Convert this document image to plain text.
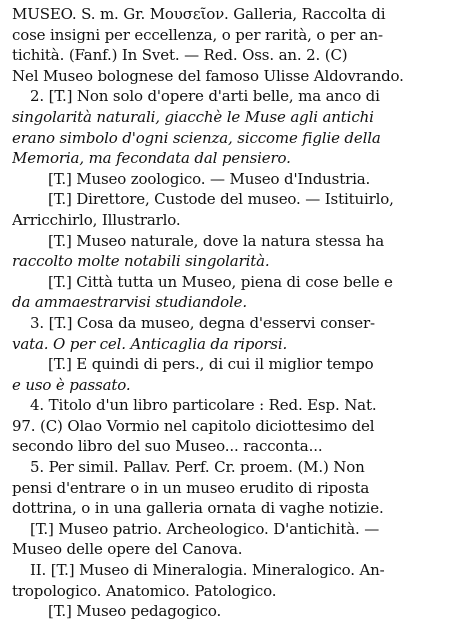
MUSEO. S. m. Gr. Μουσεῖον. Galleria, Raccolta di
cose insigni per eccellenza, o per rarità, o per an-
tichità. (Fanf.) In Svet. — Red. Oss. an. 2. (C)
Nel Museo bolognese del famoso Ulisse Aldovrando.
2. [T.] Non solo d'opere d'arti belle, ma anco di
singolarità naturali, giacchè le Muse agli antichi
erano simbolo d'ogni scienza, siccome figlie della
Memoria, ma fecondata dal pensiero.
[T.] Museo zoologico. — Museo d'Industria.
[T.] Direttore, Custode del museo. — Istituirlo,
Arricchirlo, Illustrarlo.
[T.] Museo naturale, dove la natura stessa ha
raccolto molte notabili singolarità.
[T.] Città tutta un Museo, piena di cose belle e
da ammaestrarvisi studiandole.
3. [T.] Cosa da museo, degna d'esservi conser-
vata. O per cel. Anticaglia da riporsi.
[T.] E quindi di pers., di cui il miglior tempo
e uso è passato.
4. Titolo d'un libro particolare : Red. Esp. Nat.
97. (C) Olao Vormio nel capitolo diciottesimo del
secondo libro del suo Museo... racconta...
5. Per simil. Pallav. Perf. Cr. proem. (M.) Non
pensi d'entrare o in un museo erudito di riposta
dottrina, o in una galleria ornata di vaghe notizie.
[T.] Museo patrio. Archeologico. D'antichità. —
Museo delle opere del Canova.
II. [T.] Museo di Mineralogia. Mineralogico. An-
tropologico. Anatomico. Patologico.
[T.] Museo pedagogico.
